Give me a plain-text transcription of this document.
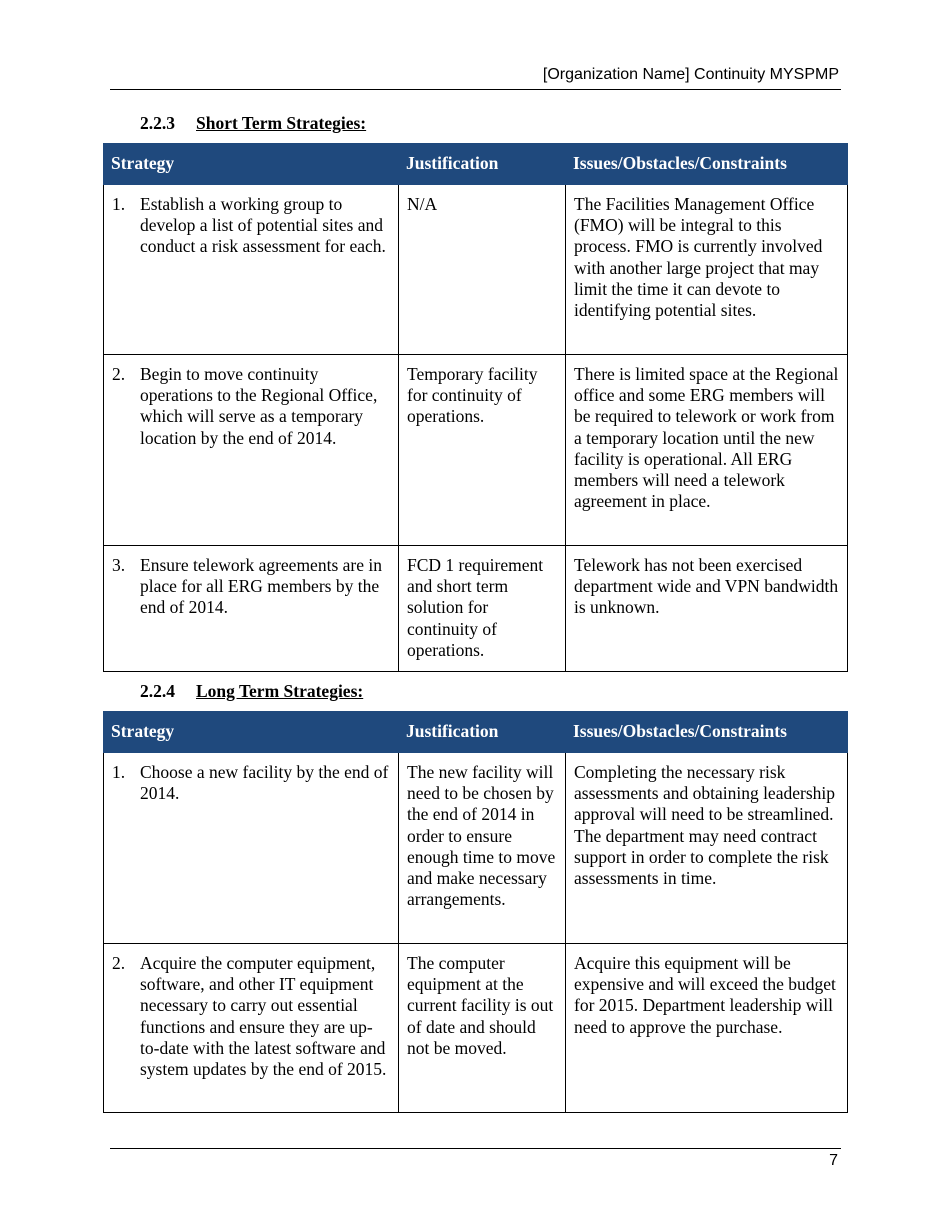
[Organization Name] Continuity MYSPMP
2.2.3 Short Term Strategies:
Strategy	Justification	Issues/Obstacles/Constraints

1. Establish a working group to develop a list of potential sites and conduct a risk assessment for each.	N/A	The Facilities Management Office (FMO) will be integral to this process. FMO is currently involved with another large project that may limit the time it can devote to identifying potential sites.

2. Begin to move continuity operations to the Regional Office, which will serve as a temporary location by the end of 2014.	Temporary facility for continuity of operations.	There is limited space at the Regional office and some ERG members will be required to telework or work from a temporary location until the new facility is operational. All ERG members will need a telework agreement in place.

3. Ensure telework agreements are in place for all ERG members by the end of 2014.	FCD 1 requirement and short term solution for continuity of operations.	Telework has not been exercised department wide and VPN bandwidth is unknown.
2.2.4 Long Term Strategies:
Strategy	Justification	Issues/Obstacles/Constraints

1. Choose a new facility by the end of 2014.	The new facility will need to be chosen by the end of 2014 in order to ensure enough time to move and make necessary arrangements.	Completing the necessary risk assessments and obtaining leadership approval will need to be streamlined. The department may need contract support in order to complete the risk assessments in time.

2. Acquire the computer equipment, software, and other IT equipment necessary to carry out essential functions and ensure they are up-to-date with the latest software and system updates by the end of 2015.	The computer equipment at the current facility is out of date and should not be moved.	Acquire this equipment will be expensive and will exceed the budget for 2015. Department leadership will need to approve the purchase.
7
